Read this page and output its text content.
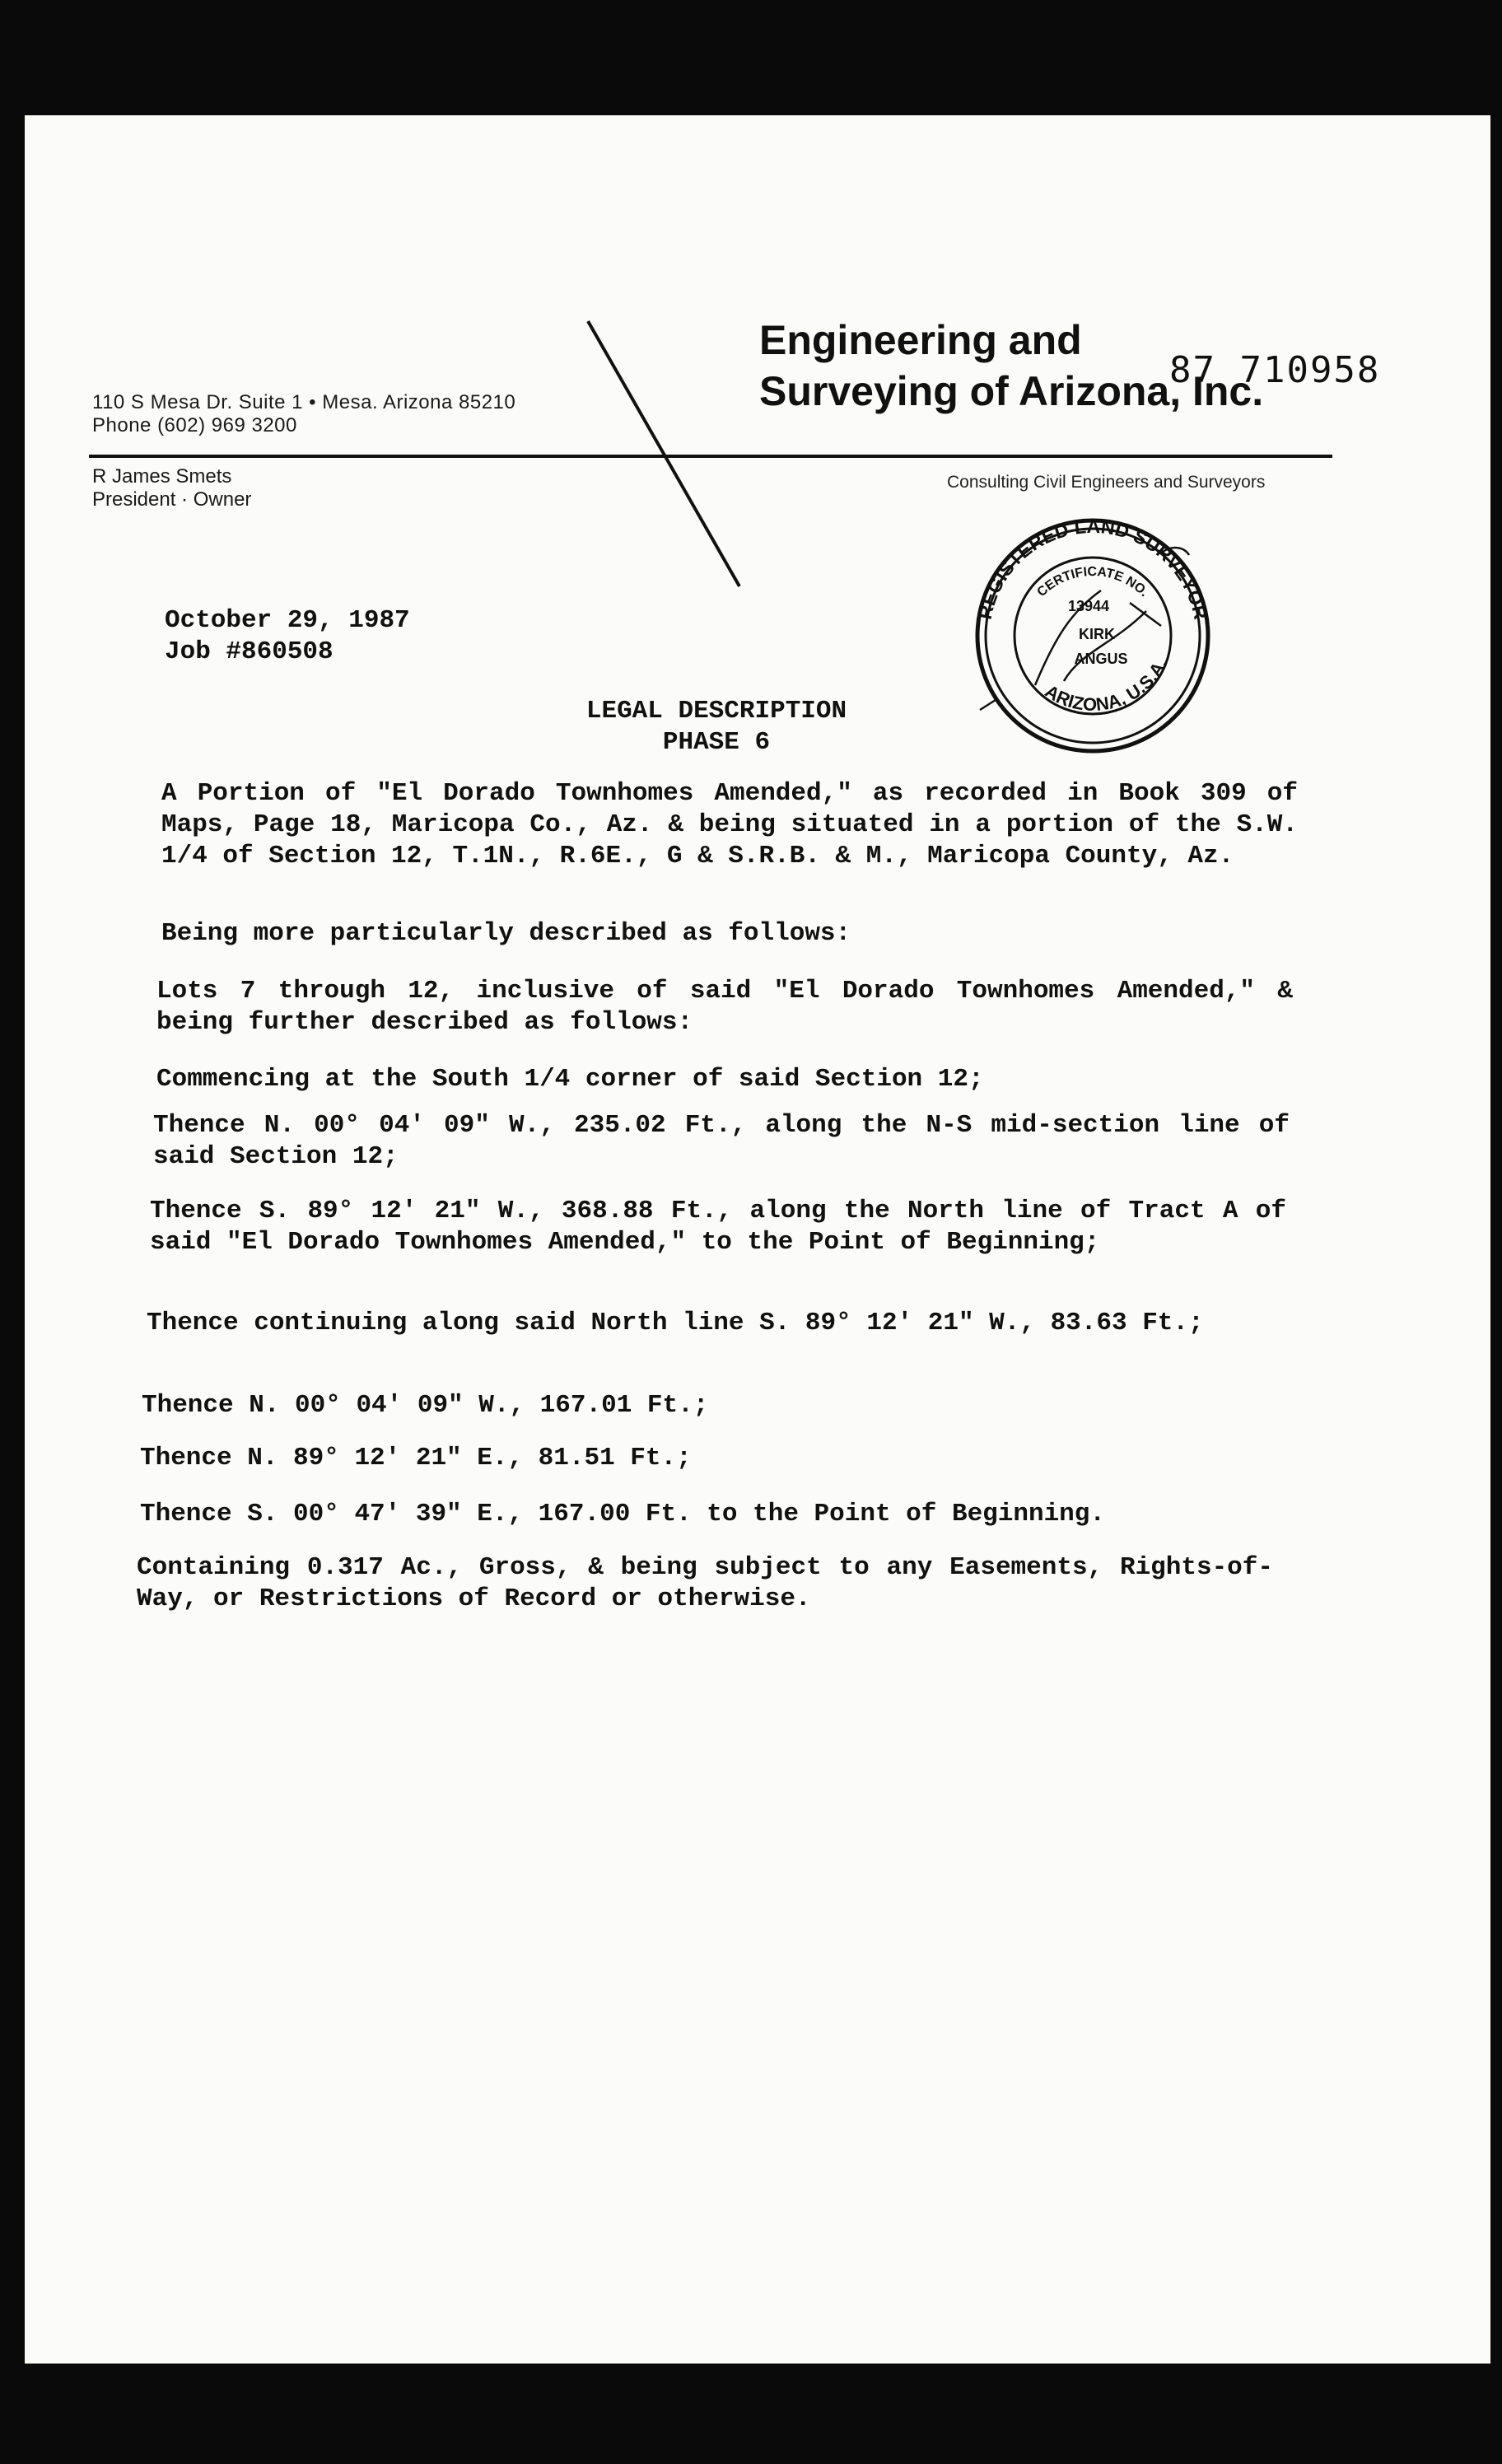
Engineering and
Surveying of Arizona, Inc.
87 710958
110 S Mesa Dr. Suite 1 • Mesa. Arizona 85210
Phone (602) 969 3200
R James Smets
President · Owner
Consulting Civil Engineers and Surveyors
REGISTERED LAND SURVEYOR
CERTIFICATE NO.
13944
KIRK
ANGUS
ARIZONA, U.S.A.
October 29, 1987
Job #860508
LEGAL DESCRIPTION
PHASE 6
A Portion of "El Dorado Townhomes Amended," as recorded in Book 309 of Maps, Page 18, Maricopa Co., Az. & being situated in a portion of the S.W. 1/4 of Section 12, T.1N., R.6E., G & S.R.B. & M., Maricopa County, Az.
Being more particularly described as follows:
Lots 7 through 12, inclusive of said "El Dorado Townhomes Amended," & being further described as follows:
Commencing at the South 1/4 corner of said Section 12;
Thence N. 00° 04' 09" W., 235.02 Ft., along the N-S mid-section line of said Section 12;
Thence S. 89° 12' 21" W., 368.88 Ft., along the North line of Tract A of said "El Dorado Townhomes Amended," to the Point of Beginning;
Thence continuing along said North line S. 89° 12' 21" W., 83.63 Ft.;
Thence N. 00° 04' 09" W., 167.01 Ft.;
Thence N. 89° 12' 21" E., 81.51 Ft.;
Thence S. 00° 47' 39" E., 167.00 Ft. to the Point of Beginning.
Containing 0.317 Ac., Gross, & being subject to any Easements, Rights-of-Way, or Restrictions of Record or otherwise.
